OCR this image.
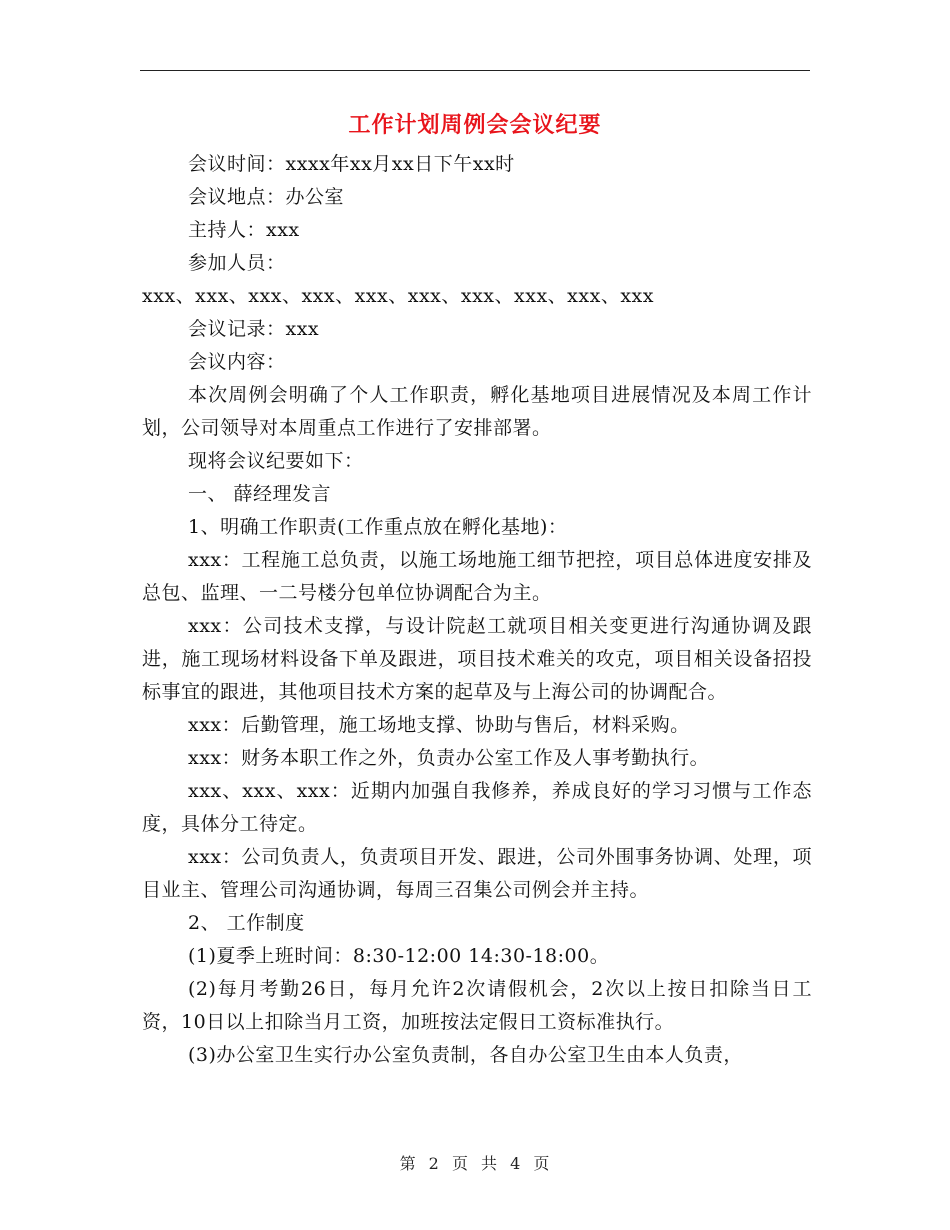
工作计划周例会会议纪要

会议时间：xxxx年xx月xx日下午xx时

会议地点：办公室

主持人：xxx

参加人员：

xxx、xxx、xxx、xxx、xxx、xxx、xxx、xxx、xxx、xxx

会议记录：xxx

会议内容：

本次周例会明确了个人工作职责，孵化基地项目进展情况及本周工作计划，公司领导对本周重点工作进行了安排部署。

现将会议纪要如下：

一、 薛经理发言

1、明确工作职责(工作重点放在孵化基地)：

xxx：工程施工总负责，以施工场地施工细节把控，项目总体进度安排及总包、监理、一二号楼分包单位协调配合为主。

xxx：公司技术支撑，与设计院赵工就项目相关变更进行沟通协调及跟进，施工现场材料设备下单及跟进，项目技术难关的攻克，项目相关设备招投标事宜的跟进，其他项目技术方案的起草及与上海公司的协调配合。

xxx：后勤管理，施工场地支撑、协助与售后，材料采购。

xxx：财务本职工作之外，负责办公室工作及人事考勤执行。

xxx、xxx、xxx：近期内加强自我修养，养成良好的学习习惯与工作态度，具体分工待定。

xxx：公司负责人，负责项目开发、跟进，公司外围事务协调、处理，项目业主、管理公司沟通协调，每周三召集公司例会并主持。

2、 工作制度

(1)夏季上班时间：8:30-12:00 14:30-18:00。

(2)每月考勤26日，每月允许2次请假机会，2次以上按日扣除当日工资，10日以上扣除当月工资，加班按法定假日工资标准执行。

(3)办公室卫生实行办公室负责制，各自办公室卫生由本人负责，

第 2 页 共 4 页
